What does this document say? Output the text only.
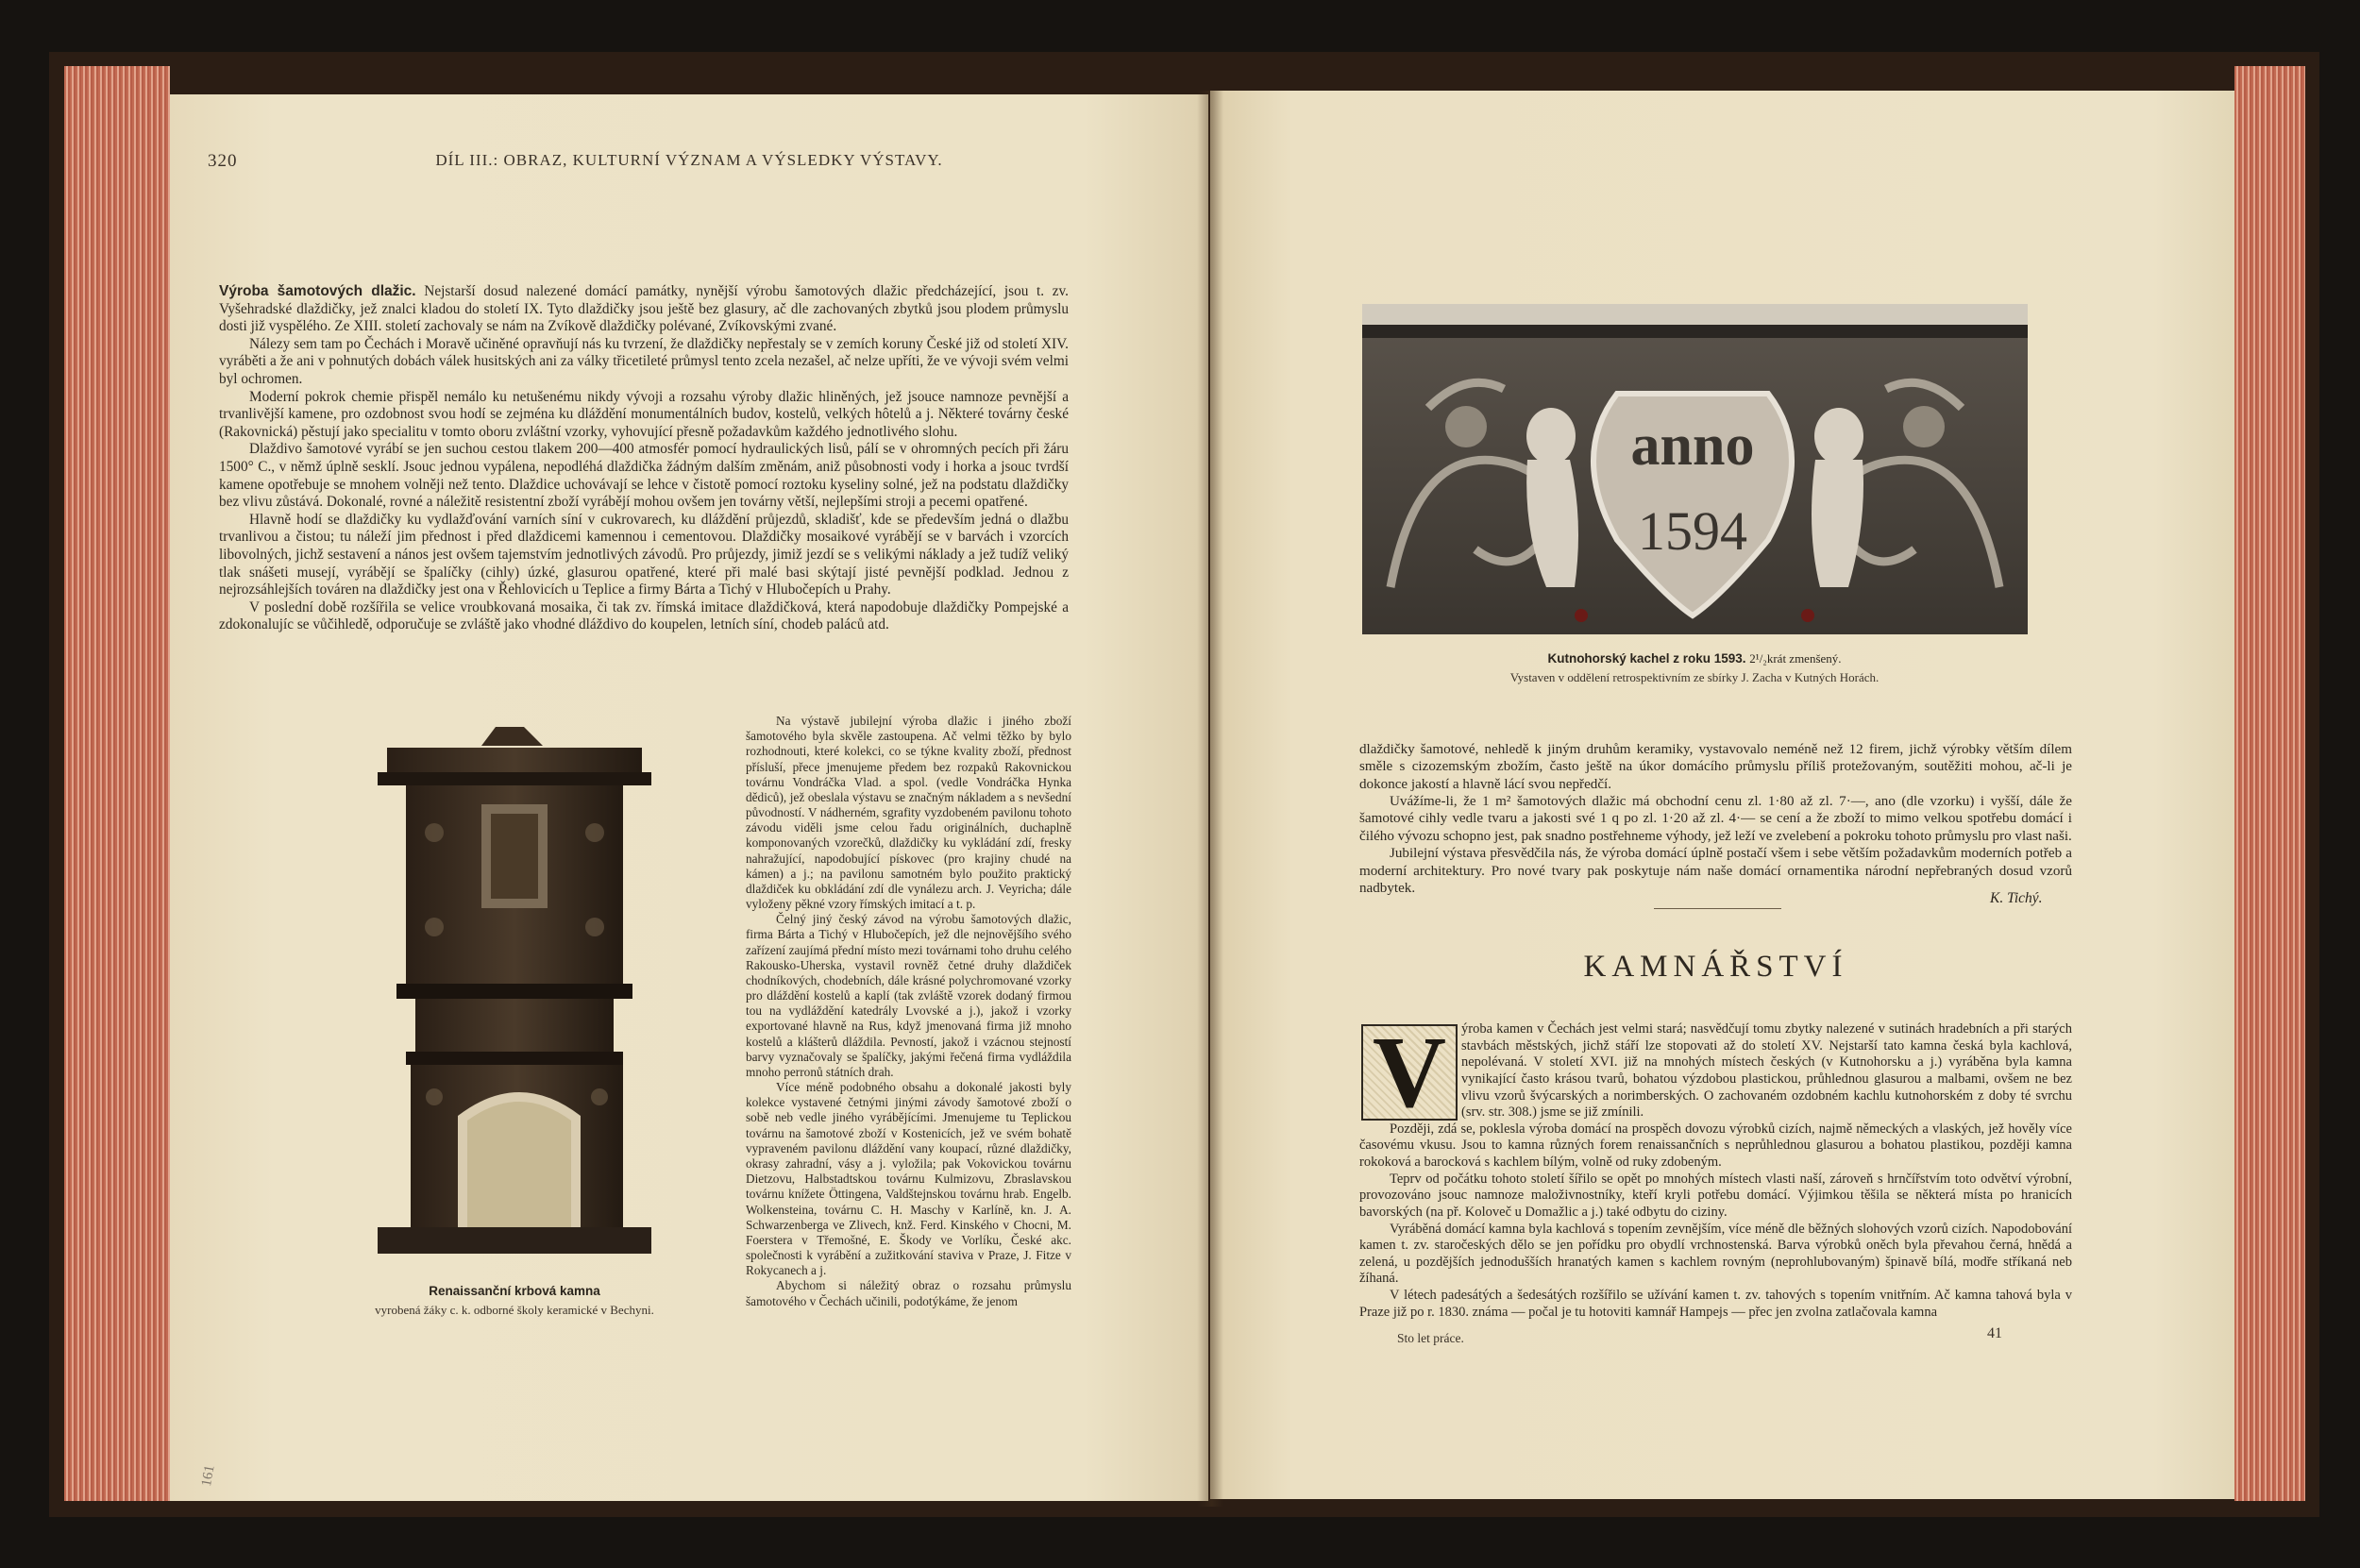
320	DÍL III.: OBRAZ, KULTURNÍ VÝZNAM A VÝSLEDKY VÝSTAVY.

Výroba šamotových dlažic. Nejstarší dosud nalezené domácí památky, nynější výrobu šamotových dlažic předcházející, jsou t. zv. Vyšehradské dlaždičky, jež znalci kladou do století IX. Tyto dlaždičky jsou ještě bez glasury, ač dle zachovaných zbytků jsou plodem průmyslu dosti již vyspělého. Ze XIII. století zachovaly se nám na Zvíkově dlaždičky polévané, Zvíkovskými zvané.

Nálezy sem tam po Čechách i Moravě učiněné opravňují nás ku tvrzení, že dlaždičky nepřestaly se v zemích koruny České již od století XIV. vyráběti a že ani v pohnutých dobách válek husitských ani za války třicetileté průmysl tento zcela nezašel, ač nelze upříti, že ve vývoji svém velmi byl ochromen.

Moderní pokrok chemie přispěl nemálo ku netušenému nikdy vývoji a rozsahu výroby dlažic hliněných, jež jsouce namnoze pevnější a trvanlivější kamene, pro ozdobnost svou hodí se zejména ku dláždění monumentálních budov, kostelů, velkých hôtelů a j. Některé továrny české (Rakovnická) pěstují jako specialitu v tomto oboru zvláštní vzorky, vyhovující přesně požadavkům každého jednotlivého slohu.

Dlaždivo šamotové vyrábí se jen suchou cestou tlakem 200—400 atmosfér pomocí hydraulických lisů, pálí se v ohromných pecích při žáru 1500° C., v němž úplně sesklí. Jsouc jednou vypálena, nepodléhá dlaždička žádným dalším změnám, aniž působnosti vody i horka a jsouc tvrdší kamene opotřebuje se mnohem volněji než tento. Dlaždice uchovávají se lehce v čistotě pomocí roztoku kyseliny solné, jež na podstatu dlaždičky bez vlivu zůstává. Dokonalé, rovné a náležitě resistentní zboží vyrábějí mohou ovšem jen továrny větší, nejlepšími stroji a pecemi opatřené.

Hlavně hodí se dlaždičky ku vydlažďování varních síní v cukrovarech, ku dláždění průjezdů, skladišť, kde se především jedná o dlažbu trvanlivou a čistou; tu náleží jim přednost i před dlaždicemi kamennou i cementovou. Dlaždičky mosaikové vyrábějí se v barvách i vzorcích libovolných, jichž sestavení a nános jest ovšem tajemstvím jednotlivých závodů. Pro průjezdy, jimiž jezdí se s velikými náklady a jež tudíž veliký tlak snášeti musejí, vyrábějí se špalíčky (cihly) úzké, glasurou opatřené, které při malé basi skýtají jisté pevnější podklad. Jednou z nejrozsáhlejších továren na dlaždičky jest ona v Řehlovicích u Teplice a firmy Bárta a Tichý v Hlubočepích u Prahy.

V poslední době rozšířila se velice vroubkovaná mosaika, či tak zv. římská imitace dlaždičková, která napodobuje dlaždičky Pompejské a zdokonalujíc se vůčihledě, odporučuje se zvláště jako vhodné dláždivo do koupelen, letních síní, chodeb paláců atd.

Renaissanční krbová kamna
vyrobená žáky c. k. odborné školy keramické v Bechyni.

Na výstavě jubilejní výroba dlažic i jiného zboží šamotového byla skvěle zastoupena. Ač velmi těžko by bylo rozhodnouti, které kolekci, co se týkne kvality zboží, přednost přísluší, přece jmenujeme předem bez rozpaků Rakovnickou továrnu Vondráčka Vlad. a spol. (vedle Vondráčka Hynka dědiců), jež obeslala výstavu se značným nákladem a s nevšední původností. V nádherném, sgrafity vyzdobeném pavilonu tohoto závodu viděli jsme celou řadu originálních, duchaplně komponovaných vzorečků, dlaždičky ku vykládání zdí, fresky nahražující, napodobující pískovec (pro krajiny chudé na kámen) a j.; na pavilonu samotném bylo použito praktický dlaždiček ku obkládání zdí dle vynálezu arch. J. Veyricha; dále vyloženy pěkné vzory římských imitací a t. p.

Čelný jiný český závod na výrobu šamotových dlažic, firma Bárta a Tichý v Hlubočepích, jež dle nejnovějšího svého zařízení zaujímá přední místo mezi továrnami toho druhu celého Rakousko-Uherska, vystavil rovněž četné druhy dlaždiček chodníkových, chodebních, dále krásné polychromované vzorky pro dláždění kostelů a kaplí (tak zvláště vzorek dodaný firmou tou na vydláždění katedrály Lvovské a j.), jakož i vzorky exportované hlavně na Rus, když jmenovaná firma již mnoho kostelů a klášterů dláždila. Pevností, jakož i vzácnou stejností barvy vyznačovaly se špalíčky, jakými řečená firma vydláždila mnoho perronů státních drah.

Více méně podobného obsahu a dokonalé jakosti byly kolekce vystavené četnými jinými závody šamotové zboží o sobě neb vedle jiného vyrábějícími. Jmenujeme tu Teplickou továrnu na šamotové zboží v Kostenicích, jež ve svém bohatě vypraveném pavilonu dláždění vany koupací, různé dlaždičky, okrasy zahradní, vásy a j. vyložila; pak Vokovickou továrnu Dietzovu, Halbstadtskou továrnu Kulmizovu, Zbraslavskou továrnu knížete Öttingena, Valdštejnskou továrnu hrab. Engelb. Wolkensteina, továrnu C. H. Maschy v Karlíně, kn. J. A. Schwarzenberga ve Zlivech, knž. Ferd. Kinského v Chocni, M. Foerstera v Třemošné, E. Škody ve Vorlíku, České akc. společnosti k vyrábění a zužitkování staviva v Praze, J. Fitze v Rokycanech a j.

Abychom si náležitý obraz o rozsahu průmyslu šamotového v Čechách učinili, podotýkáme, že jenom

161
anno
1594
Kutnohorský kachel z roku 1593. 2¹/₂krát zmenšený.
Vystaven v oddělení retrospektivním ze sbírky J. Zacha v Kutných Horách.

dlaždičky šamotové, nehledě k jiným druhům keramiky, vystavovalo neméně než 12 firem, jichž výrobky větším dílem směle s cizozemským zbožím, často ještě na úkor domácího průmyslu příliš protežovaným, soutěžiti mohou, ač-li je dokonce jakostí a hlavně lácí svou nepředčí.

Uvážíme-li, že 1 m² šamotových dlažic má obchodní cenu zl. 1·80 až zl. 7·—, ano (dle vzorku) i vyšší, dále že šamotové cihly vedle tvaru a jakosti své 1 q po zl. 1·20 až zl. 4·— se cení a že zboží to mimo velkou spotřebu domácí i čilého vývozu schopno jest, pak snadno postřehneme výhody, jež leží ve zvelebení a pokroku tohoto průmyslu pro vlast naši.

Jubilejní výstava přesvědčila nás, že výroba domácí úplně postačí všem i sebe větším požadavkům moderních potřeb a moderní architektury. Pro nové tvary pak poskytuje nám naše domácí ornamentika národní nepřebraných dosud vzorů nadbytek.

K. Tichý.
KAMNÁŘSTVÍ
V	ýroba kamen v Čechách jest velmi stará; nasvědčují tomu zbytky nalezené v sutinách hradebních a při starých stavbách městských, jichž stáří lze stopovati až do století XV. Nejstarší tato kamna česká byla kachlová, nepolévaná. V století XVI. již na mnohých místech českých (v Kutnohorsku a j.) vyráběna byla kamna vynikající často krásou tvarů, bohatou výzdobou plastickou, průhlednou glasurou a malbami, ovšem ne bez vlivu vzorů švýcarských a norimberských. O zachovaném ozdobném kachlu kutnohorském z doby té svrchu (srv. str. 308.) jsme se již zmínili.

Později, zdá se, poklesla výroba domácí na prospěch dovozu výrobků cizích, najmě německých a vlaských, jež hověly více časovému vkusu. Jsou to kamna různých forem renaissančních s neprůhlednou glasurou a bohatou plastikou, později kamna rokoková a barocková s kachlem bílým, volně od ruky zdobeným.

Teprv od počátku tohoto století šířilo se opět po mnohých místech vlasti naší, zároveň s hrnčířstvím toto odvětví výrobní, provozováno jsouc namnoze maloživnostníky, kteří kryli potřebu domácí. Výjimkou těšila se některá místa po hranicích bavorských (na př. Kolovеč u Domažlic a j.) také odbytu do ciziny.

Vyráběná domácí kamna byla kachlová s topením zevnějším, více méně dle běžných slohových vzorů cizích. Napodobování kamen t. zv. staročeských dělo se jen pořídku pro obydlí vrchnostenská. Barva výrobků oněch byla převahou černá, hnědá a zelená, u pozdějších jednodušších hranatých kamen s kachlem rovným (neprohlubovaným) špinavě bílá, modře stříkaná neb žíhaná.

V létech padesátých a šedesátých rozšířilo se užívání kamen t. zv. tahových s topením vnitřním. Ač kamna tahová byla v Praze již po r. 1830. známa — počal je tu hotoviti kamnář Hampejs — přec jen zvolna zatlačovala kamna

Sto let práce.	41
